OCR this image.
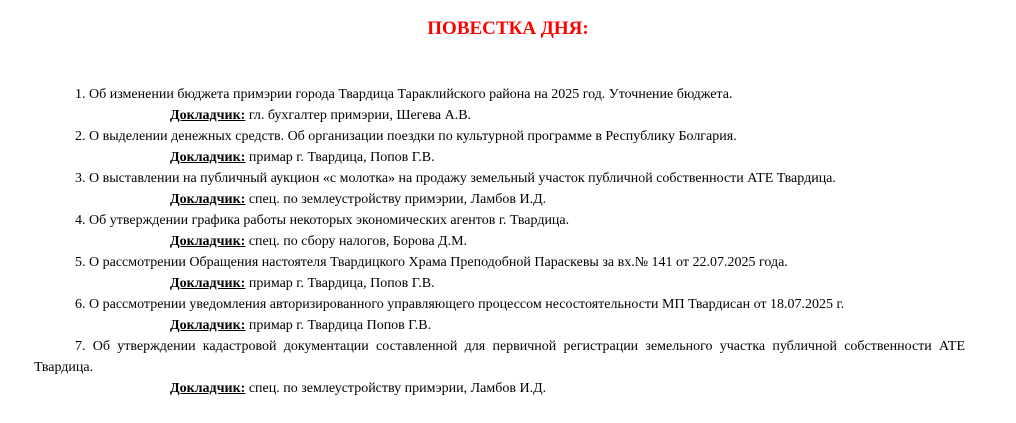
ПОВЕСТКА ДНЯ:
1. Об изменении бюджета примэрии города Твардица Тараклийского района на 2025 год. Уточнение бюджета.
Докладчик: гл. бухгалтер примэрии, Шегева А.В.
2. О выделении денежных средств. Об организации поездки по культурной программе в Республику Болгария.
Докладчик: примар г. Твардица, Попов Г.В.
3. О выставлении на публичный аукцион «с молотка» на продажу земельный участок публичной собственности АТЕ Твардица.
Докладчик: спец. по землеустройству примэрии, Ламбов И.Д.
4. Об утверждении графика работы некоторых экономических агентов г. Твардица.
Докладчик: спец. по сбору налогов, Борова Д.М.
5. О рассмотрении Обращения настоятеля Твардицкого Храма Преподобной Параскевы за вх.№ 141 от 22.07.2025 года.
Докладчик: примар г. Твардица, Попов Г.В.
6. О рассмотрении уведомления авторизированного управляющего процессом несостоятельности МП Твардисан от 18.07.2025 г.
Докладчик: примар г. Твардица Попов Г.В.
7. Об утверждении кадастровой документации составленной для первичной регистрации земельного участка публичной собственности АТЕ Твардица.
Докладчик: спец. по землеустройству примэрии, Ламбов И.Д.
